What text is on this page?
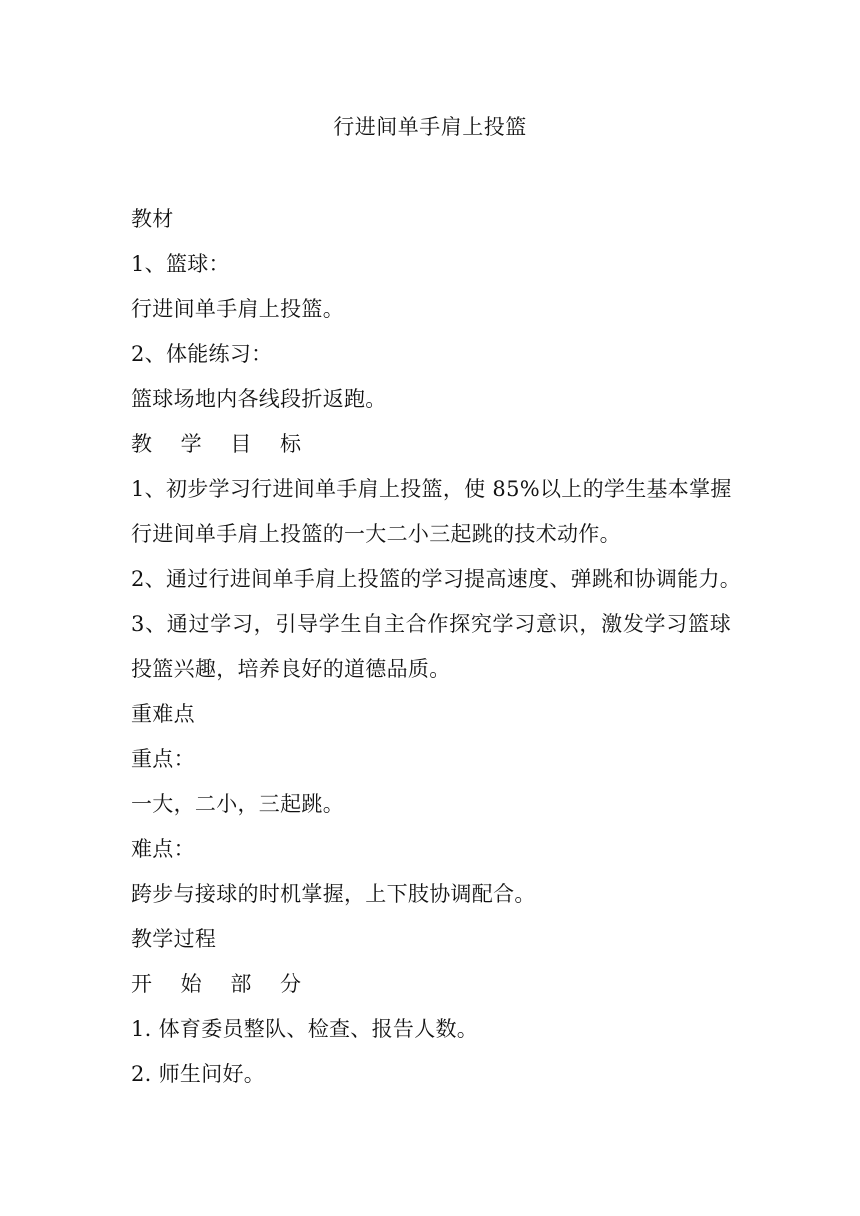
行进间单手肩上投篮
教材
1、篮球：
行进间单手肩上投篮。
2、体能练习：
篮球场地内各线段折返跑。
教 学 目 标
1、初步学习行进间单手肩上投篮，使 85%以上的学生基本掌握
行进间单手肩上投篮的一大二小三起跳的技术动作。
2、通过行进间单手肩上投篮的学习提高速度、弹跳和协调能力。
3、通过学习，引导学生自主合作探究学习意识，激发学习篮球
投篮兴趣，培养良好的道德品质。
重难点
重点：
一大，二小，三起跳。
难点：
跨步与接球的时机掌握，上下肢协调配合。
教学过程
开 始 部 分
1. 体育委员整队、检查、报告人数。
2. 师生问好。
